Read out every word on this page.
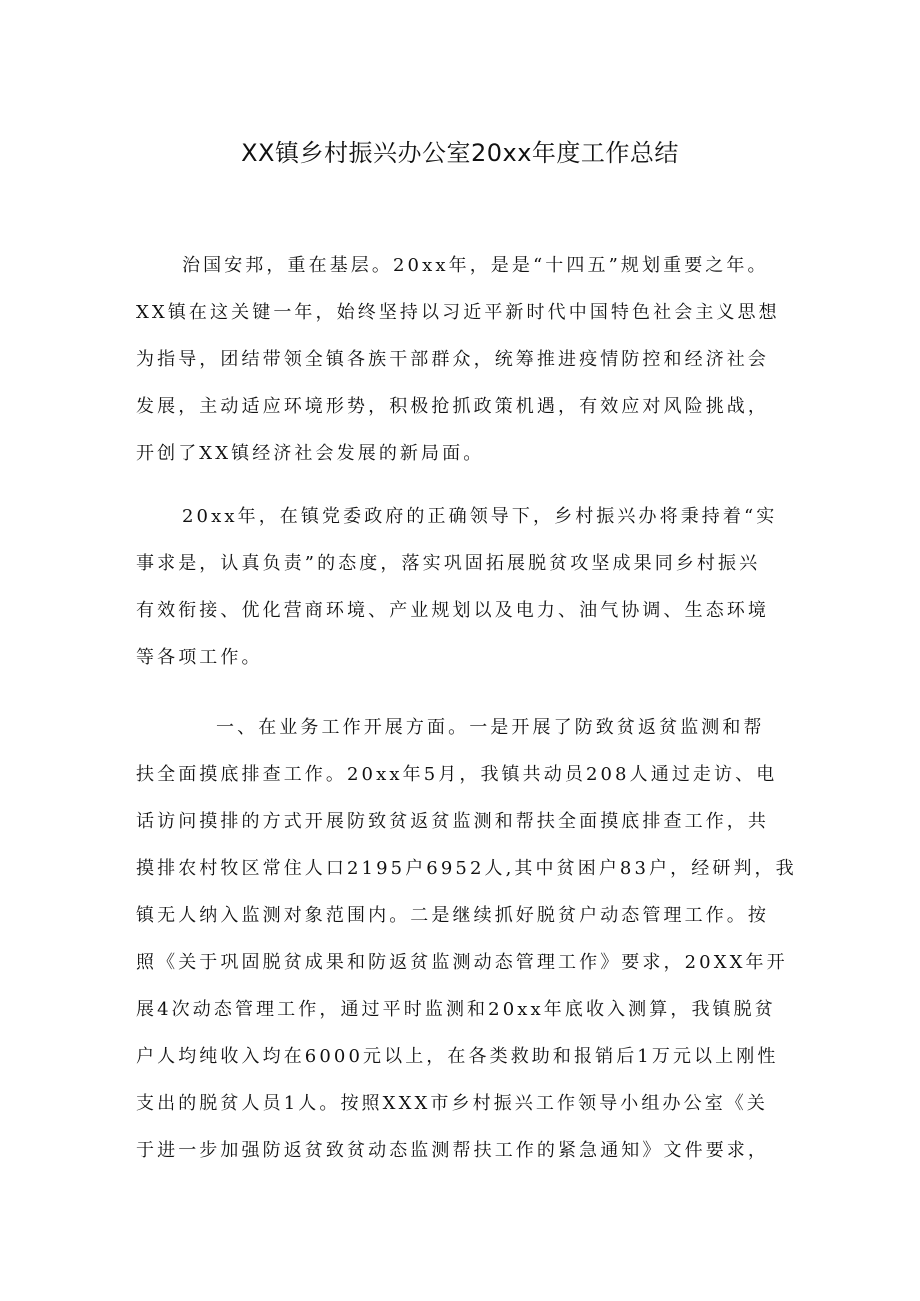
XX镇乡村振兴办公室20xx年度工作总结
治国安邦，重在基层。20xx年，是是“十四五”规划重要之年。
XX镇在这关键一年，始终坚持以习近平新时代中国特色社会主义思想
为指导，团结带领全镇各族干部群众，统筹推进疫情防控和经济社会
发展，主动适应环境形势，积极抢抓政策机遇，有效应对风险挑战，
开创了XX镇经济社会发展的新局面。
20xx年，在镇党委政府的正确领导下，乡村振兴办将秉持着“实
事求是，认真负责”的态度，落实巩固拓展脱贫攻坚成果同乡村振兴
有效衔接、优化营商环境、产业规划以及电力、油气协调、生态环境
等各项工作。
一、在业务工作开展方面。一是开展了防致贫返贫监测和帮
扶全面摸底排查工作。20xx年5月，我镇共动员208人通过走访、电
话访问摸排的方式开展防致贫返贫监测和帮扶全面摸底排查工作，共
摸排农村牧区常住人口2195户6952人,其中贫困户83户，经研判，我
镇无人纳入监测对象范围内。二是继续抓好脱贫户动态管理工作。按
照《关于巩固脱贫成果和防返贫监测动态管理工作》要求，20XX年开
展4次动态管理工作，通过平时监测和20xx年底收入测算，我镇脱贫
户人均纯收入均在6000元以上，在各类救助和报销后1万元以上刚性
支出的脱贫人员1人。按照XXX市乡村振兴工作领导小组办公室《关
于进一步加强防返贫致贫动态监测帮扶工作的紧急通知》文件要求，
